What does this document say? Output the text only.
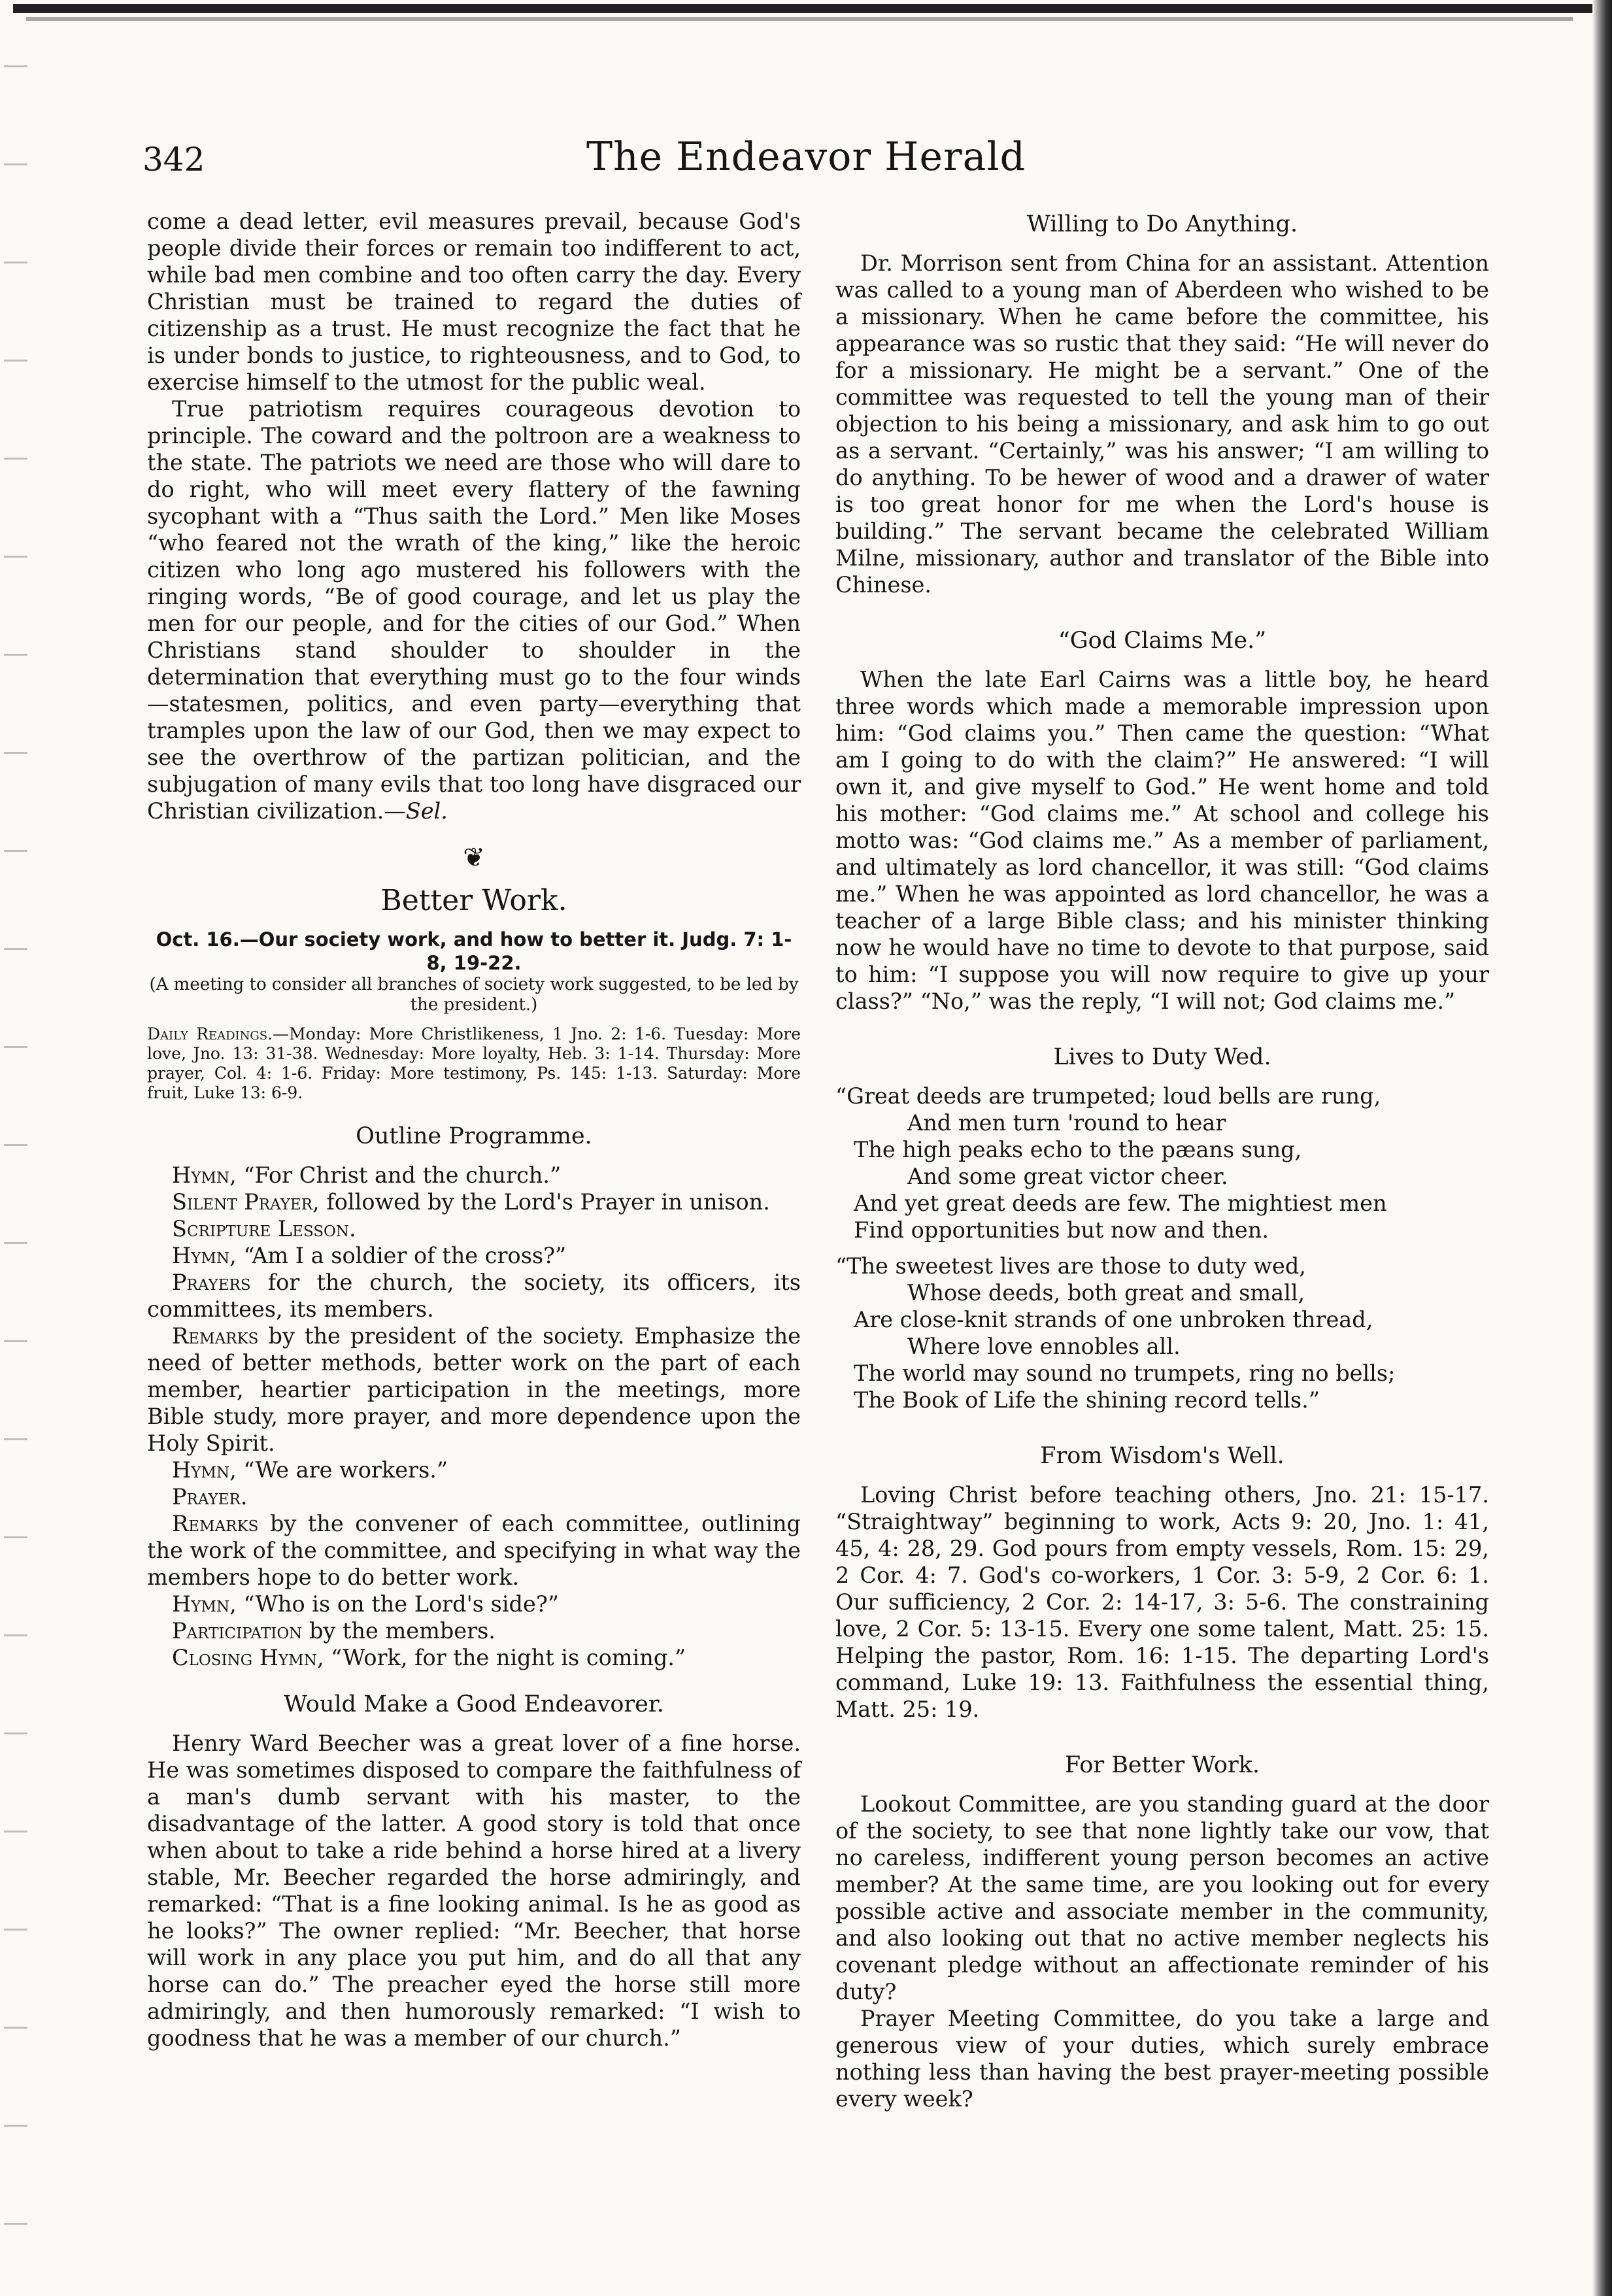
342	The Endeavor Herald

come a dead letter, evil measures prevail, because God's people divide their forces or remain too indifferent to act, while bad men combine and too often carry the day. Every Christian must be trained to regard the duties of citizenship as a trust. He must recognize the fact that he is under bonds to justice, to righteousness, and to God, to exercise himself to the utmost for the public weal.

True patriotism requires courageous devotion to principle. The coward and the poltroon are a weakness to the state. The patriots we need are those who will dare to do right, who will meet every flattery of the fawning sycophant with a “Thus saith the Lord.” Men like Moses “who feared not the wrath of the king,” like the heroic citizen who long ago mustered his followers with the ringing words, “Be of good courage, and let us play the men for our people, and for the cities of our God.” When Christians stand shoulder to shoulder in the determination that everything must go to the four winds —statesmen, politics, and even party—everything that tramples upon the law of our God, then we may expect to see the overthrow of the partizan politician, and the subjugation of many evils that too long have disgraced our Christian civilization.—Sel.

❦
Better Work.
Oct. 16.—Our society work, and how to better it. Judg. 7: 1-8, 19-22.
(A meeting to consider all branches of society work suggested, to be led by the president.)
Daily Readings.—Monday: More Christlikeness, 1 Jno. 2: 1-6. Tuesday: More love, Jno. 13: 31-38. Wednesday: More loyalty, Heb. 3: 1-14. Thursday: More prayer, Col. 4: 1-6. Friday: More testimony, Ps. 145: 1-13. Saturday: More fruit, Luke 13: 6-9.
Outline Programme.

Hymn, “For Christ and the church.”

Silent Prayer, followed by the Lord's Prayer in unison.

Scripture Lesson.

Hymn, “Am I a soldier of the cross?”

Prayers for the church, the society, its officers, its committees, its members.

Remarks by the president of the society. Emphasize the need of better methods, better work on the part of each member, heartier participation in the meetings, more Bible study, more prayer, and more dependence upon the Holy Spirit.

Hymn, “We are workers.”

Prayer.

Remarks by the convener of each committee, outlining the work of the committee, and specifying in what way the members hope to do better work.

Hymn, “Who is on the Lord's side?”

Participation by the members.

Closing Hymn, “Work, for the night is coming.”

Would Make a Good Endeavorer.

Henry Ward Beecher was a great lover of a fine horse. He was sometimes disposed to compare the faithfulness of a man's dumb servant with his master, to the disadvantage of the latter. A good story is told that once when about to take a ride behind a horse hired at a livery stable, Mr. Beecher regarded the horse admiringly, and remarked: “That is a fine looking animal. Is he as good as he looks?” The owner replied: “Mr. Beecher, that horse will work in any place you put him, and do all that any horse can do.” The preacher eyed the horse still more admiringly, and then humorously remarked: “I wish to goodness that he was a member of our church.”

Willing to Do Anything.

Dr. Morrison sent from China for an assistant. Attention was called to a young man of Aberdeen who wished to be a missionary. When he came before the committee, his appearance was so rustic that they said: “He will never do for a missionary. He might be a servant.” One of the committee was requested to tell the young man of their objection to his being a missionary, and ask him to go out as a servant. “Certainly,” was his answer; “I am willing to do anything. To be hewer of wood and a drawer of water is too great honor for me when the Lord's house is building.” The servant became the celebrated William Milne, missionary, author and translator of the Bible into Chinese.

“God Claims Me.”

When the late Earl Cairns was a little boy, he heard three words which made a memorable impression upon him: “God claims you.” Then came the question: “What am I going to do with the claim?” He answered: “I will own it, and give myself to God.” He went home and told his mother: “God claims me.” At school and college his motto was: “God claims me.” As a member of parliament, and ultimately as lord chancellor, it was still: “God claims me.” When he was appointed as lord chancellor, he was a teacher of a large Bible class; and his minister thinking now he would have no time to devote to that purpose, said to him: “I suppose you will now require to give up your class?” “No,” was the reply, “I will not; God claims me.”

Lives to Duty Wed.
“Great deeds are trumpeted; loud bells are rung,
And men turn 'round to hear
The high peaks echo to the pæans sung,
And some great victor cheer.
And yet great deeds are few. The mightiest men
Find opportunities but now and then.
“The sweetest lives are those to duty wed,
Whose deeds, both great and small,
Are close-knit strands of one unbroken thread,
Where love ennobles all.
The world may sound no trumpets, ring no bells;
The Book of Life the shining record tells.”
From Wisdom's Well.

Loving Christ before teaching others, Jno. 21: 15-17. “Straightway” beginning to work, Acts 9: 20, Jno. 1: 41, 45, 4: 28, 29. God pours from empty vessels, Rom. 15: 29, 2 Cor. 4: 7. God's co-workers, 1 Cor. 3: 5-9, 2 Cor. 6: 1. Our sufficiency, 2 Cor. 2: 14-17, 3: 5-6. The constraining love, 2 Cor. 5: 13-15. Every one some talent, Matt. 25: 15. Helping the pastor, Rom. 16: 1-15. The departing Lord's command, Luke 19: 13. Faithfulness the essential thing, Matt. 25: 19.

For Better Work.

Lookout Committee, are you standing guard at the door of the society, to see that none lightly take our vow, that no careless, indifferent young person becomes an active member? At the same time, are you looking out for every possible active and associate member in the community, and also looking out that no active member neglects his covenant pledge without an affectionate reminder of his duty?

Prayer Meeting Committee, do you take a large and generous view of your duties, which surely embrace nothing less than having the best prayer-meeting possible every week?
